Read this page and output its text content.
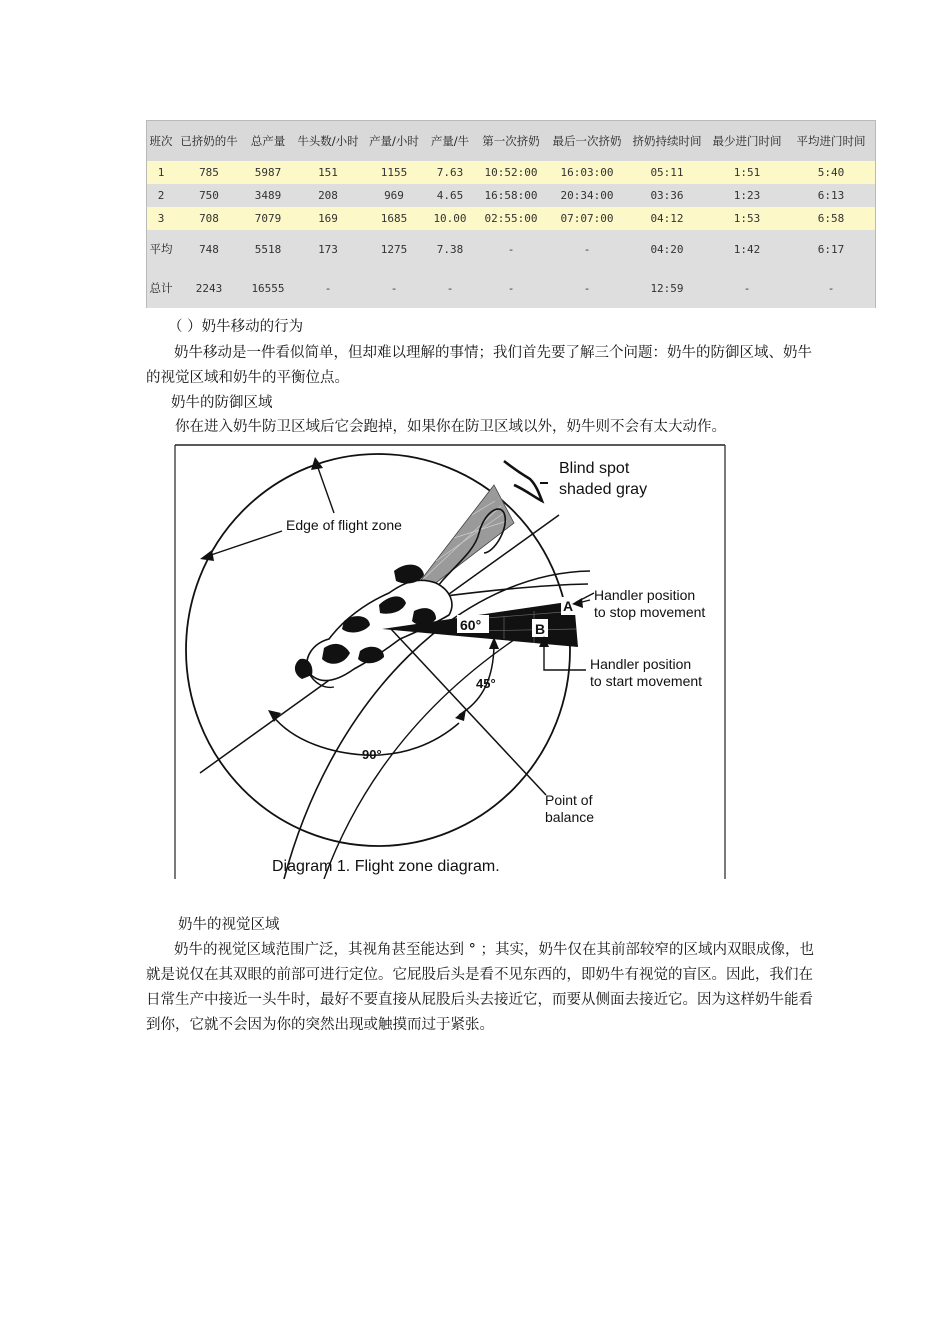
班次	已挤奶的牛	总产量	牛头数/小时	产量/小时	产量/牛	第一次挤奶	最后一次挤奶	挤奶持续时间	最少进门时间	平均进门时间
1	785	5987	151	1155	7.63	10:52:00	16:03:00	05:11	1:51	5:40
2	750	3489	208	969	4.65	16:58:00	20:34:00	03:36	1:23	6:13
3	708	7079	169	1685	10.00	02:55:00	07:07:00	04:12	1:53	6:58
平均	748	5518	173	1275	7.38	-	-	04:20	1:42	6:17
总计	2243	16555	-	-	-	-	-	12:59	-	-
（ ）奶牛移动的行为

奶牛移动是一件看似简单，但却难以理解的事情；我们首先要了解三个问题：奶牛的防御区域、奶牛的视觉区域和奶牛的平衡位点。

奶牛的防御区域
你在进入奶牛防卫区域后它会跑掉，如果你在防卫区域以外，奶牛则不会有太大动作。
60°
A
B
45°
90°
Point of
balance
Edge of flight zone
Blind spot
shaded gray
Handler position
to stop movement
Handler position
to start movement
Diagram 1. Flight zone diagram.
奶牛的视觉区域

奶牛的视觉区域范围广泛，其视角甚至能达到 ° ；其实，奶牛仅在其前部较窄的区域内双眼成像，也就是说仅在其双眼的前部可进行定位。它屁股后头是看不见东西的，即奶牛有视觉的盲区。因此，我们在日常生产中接近一头牛时，最好不要直接从屁股后头去接近它，而要从侧面去接近它。因为这样奶牛能看到你，它就不会因为你的突然出现或触摸而过于紧张。
